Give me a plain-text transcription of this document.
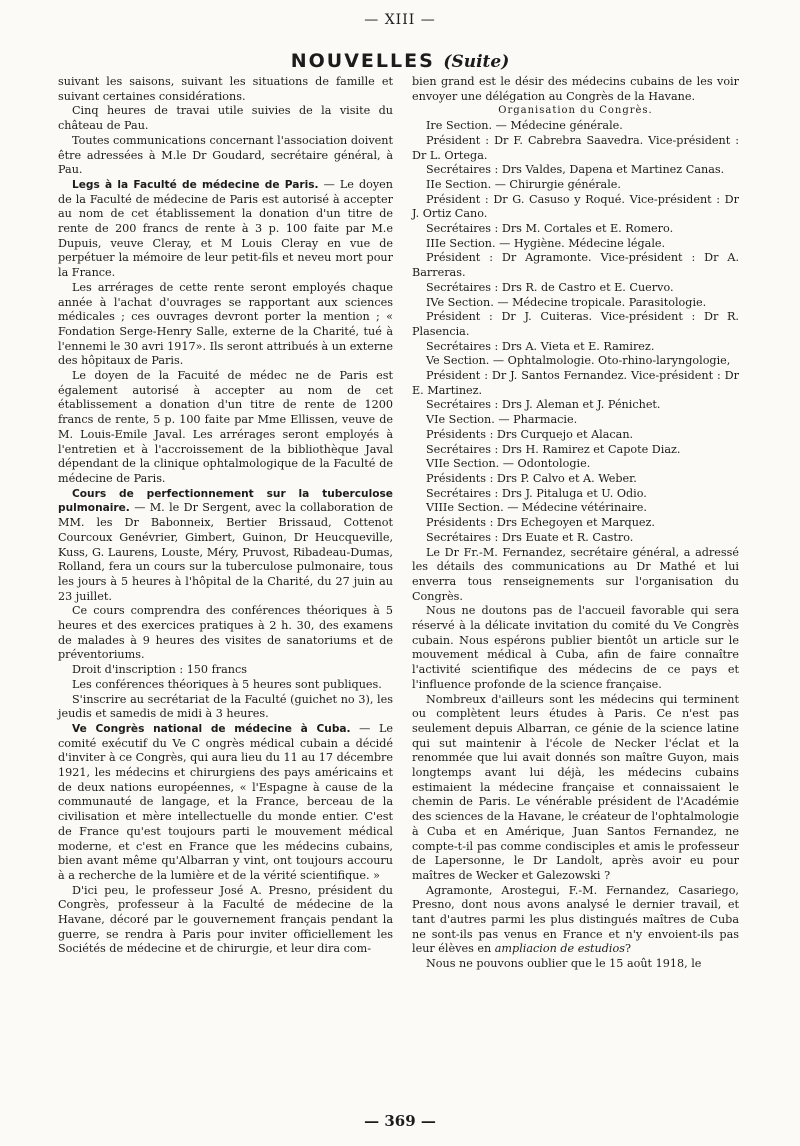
— XIII —
NOUVELLES (Suite)

suivant les saisons, suivant les situations de famille et suivant certaines considérations.

Cinq heures de travai utile suivies de la visite du château de Pau.

Toutes communications concernant l'association doivent être adressées à M.le Dr Goudard, secrétaire général, à Pau.

Legs à la Faculté de médecine de Paris. — Le doyen de la Faculté de médecine de Paris est autorisé à accepter au nom de cet établissement la donation d'un titre de rente de 200 francs de rente à 3 p. 100 faite par M.e Dupuis, veuve Cleray, et M Louis Cleray en vue de perpétuer la mémoire de leur petit-fils et neveu mort pour la France.

Les arrérages de cette rente seront employés chaque année à l'achat d'ouvrages se rapportant aux sciences médicales ; ces ouvrages devront porter la mention ; « Fondation Serge-Henry Salle, externe de la Charité, tué à l'ennemi le 30 avri 1917». Ils seront attribués à un externe des hôpitaux de Paris.

Le doyen de la Facuité de médec ne de Paris est également autorisé à accepter au nom de cet établissement a donation d'un titre de rente de 1200 francs de rente, 5 p. 100 faite par Mme Ellissen, veuve de M. Louis-Emile Javal. Les arrérages seront employés à l'entretien et à l'accroissement de la bibliothèque Javal dépendant de la clinique ophtalmologique de la Faculté de médecine de Paris.

Cours de perfectionnement sur la tuberculose pulmonaire. — M. le Dr Sergent, avec la collaboration de MM. les Dr Babonneix, Bertier Brissaud, Cottenot Courcoux Genévrier, Gimbert, Guinon, Dr Heucqueville, Kuss, G. Laurens, Louste, Méry, Pruvost, Ribadeau-Dumas, Rolland, fera un cours sur la tuberculose pulmonaire, tous les jours à 5 heures à l'hôpital de la Charité, du 27 juin au 23 juillet.

Ce cours comprendra des conférences théoriques à 5 heures et des exercices pratiques à 2 h. 30, des examens de malades à 9 heures des visites de sanatoriums et de préventoriums.

Droit d'inscription : 150 francs

Les conférences théoriques à 5 heures sont publiques.

S'inscrire au secrétariat de la Faculté (guichet no 3), les jeudis et samedis de midi à 3 heures.

Ve Congrès national de médecine à Cuba. — Le comité exécutif du Ve C ongrès médical cubain a décidé d'inviter à ce Congrès, qui aura lieu du 11 au 17 décembre 1921, les médecins et chirurgiens des pays américains et de deux nations européennes, « l'Espagne à cause de la communauté de langage, et la France, berceau de la civilisation et mère intellectuelle du monde entier. C'est de France qu'est toujours parti le mouvement médical moderne, et c'est en France que les médecins cubains, bien avant même qu'Albarran y vint, ont toujours accouru à a recherche de la lumière et de la vérité scientifique. »

D'ici peu, le professeur José A. Presno, président du Congrès, professeur à la Faculté de médecine de la Havane, décoré par le gouvernement français pendant la guerre, se rendra à Paris pour inviter officiellement les Sociétés de médecine et de chirurgie, et leur dira com-

bien grand est le désir des médecins cubains de les voir envoyer une délégation au Congrès de la Havane.

Organisation du Congrès.

Ire Section. — Médecine générale.

Président : Dr F. Cabrebra Saavedra. Vice-président : Dr L. Ortega.

Secrétaires : Drs Valdes, Dapena et Martinez Canas.

IIe Section. — Chirurgie générale.

Président : Dr G. Casuso y Roqué. Vice-président : Dr J. Ortiz Cano.

Secrétaires : Drs M. Cortales et E. Romero.

IIIe Section. — Hygiène. Médecine légale.

Président : Dr Agramonte. Vice-président : Dr A. Barreras.

Secrétaires : Drs R. de Castro et E. Cuervo.

IVe Section. — Médecine tropicale. Parasitologie.

Président : Dr J. Cuiteras. Vice-président : Dr R. Plasencia.

Secrétaires : Drs A. Vieta et E. Ramirez.

Ve Section. — Ophtalmologie. Oto-rhino-laryngologie,

Président : Dr J. Santos Fernandez. Vice-président : Dr E. Martinez.

Secrétaires : Drs J. Aleman et J. Pénichet.

VIe Section. — Pharmacie.

Présidents : Drs Curquejo et Alacan.

Secrétaires : Drs H. Ramirez et Capote Diaz.

VIIe Section. — Odontologie.

Présidents : Drs P. Calvo et A. Weber.

Secrétaires : Drs J. Pitaluga et U. Odio.

VIIIe Section. — Médecine vétérinaire.

Présidents : Drs Echegoyen et Marquez.

Secrétaires : Drs Euate et R. Castro.

Le Dr Fr.-M. Fernandez, secrétaire général, a adressé les détails des communications au Dr Mathé et lui enverra tous renseignements sur l'organisation du Congrès.

Nous ne doutons pas de l'accueil favorable qui sera réservé à la délicate invitation du comité du Ve Congrès cubain. Nous espérons publier bientôt un article sur le mouvement médical à Cuba, afin de faire connaître l'activité scientifique des médecins de ce pays et l'influence profonde de la science française.

Nombreux d'ailleurs sont les médecins qui terminent ou complètent leurs études à Paris. Ce n'est pas seulement depuis Albarran, ce génie de la science latine qui sut maintenir à l'école de Necker l'éclat et la renommée que lui avait donnés son maître Guyon, mais longtemps avant lui déjà, les médecins cubains estimaient la médecine française et connaissaient le chemin de Paris. Le vénérable président de l'Académie des sciences de la Havane, le créateur de l'ophtalmologie à Cuba et en Amérique, Juan Santos Fernandez, ne compte-t-il pas comme condisciples et amis le professeur de Lapersonne, le Dr Landolt, après avoir eu pour maîtres de Wecker et Galezowski ?

Agramonte, Arostegui, F.-M. Fernandez, Casariego, Presno, dont nous avons analysé le dernier travail, et tant d'autres parmi les plus distingués maîtres de Cuba ne sont-ils pas venus en France et n'y envoient-ils pas leur élèves en ampliacion de estudios?

Nous ne pouvons oublier que le 15 août 1918, le

— 369 —
